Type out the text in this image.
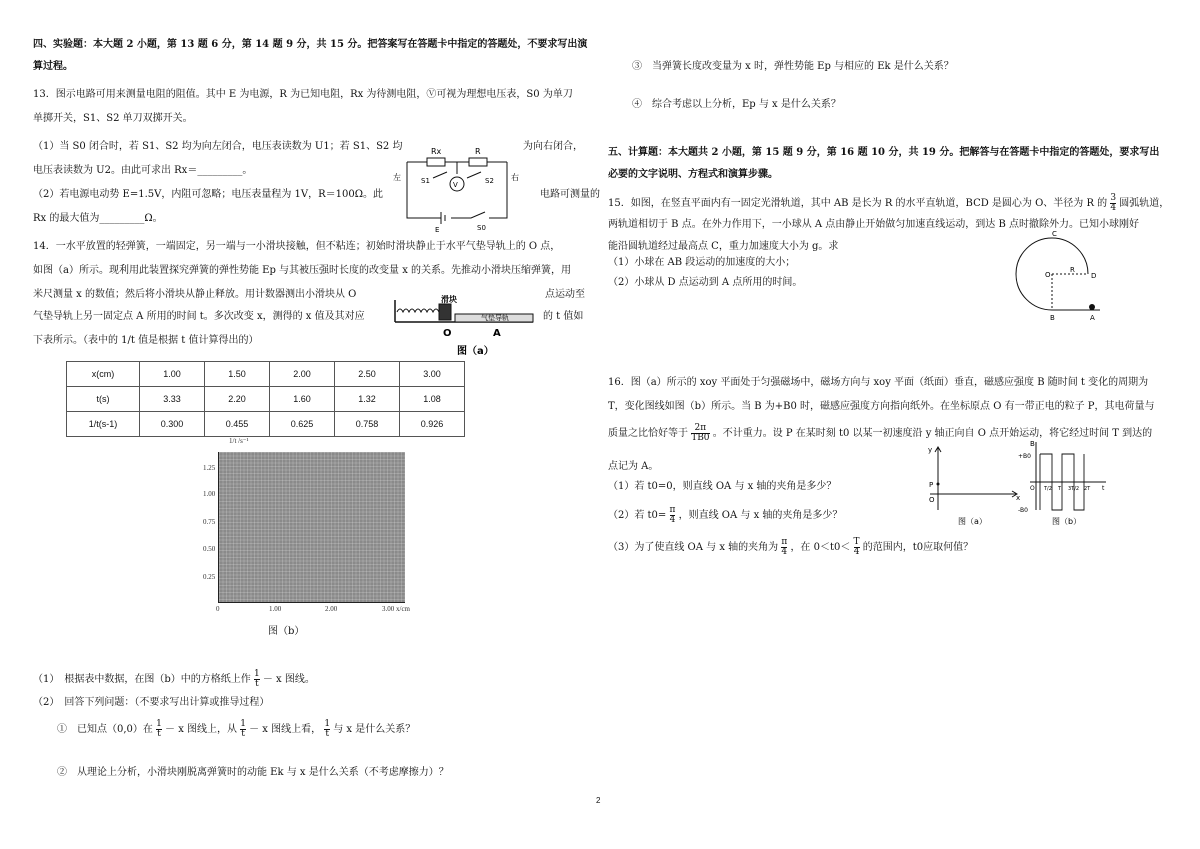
四、实验题：本大题 2 小题，第 13 题 6 分，第 14 题 9 分，共 15 分。把答案写在答题卡中指定的答题处，不要求写出演
算过程。
13．图示电路可用来测量电阻的阻值。其中 E 为电源，R 为已知电阻，Rx 为待测电阻，Ⓥ可视为理想电压表，S0 为单刀
单掷开关，S1、S2 单刀双掷开关。
（1）当 S0 闭合时，若 S1、S2 均为向左闭合，电压表读数为 U1；若 S1、S2 均	为向右闭合，
电压表读数为 U2。由此可求出 Rx＝_________。
（2）若电源电动势 E=1.5V，内阻可忽略；电压表量程为 1V，R＝100Ω。此	电路可测量的
Rx 的最大值为_________Ω。
Rx	R
V
S1	S2
左	右
E	S0
14．一水平放置的轻弹簧，一端固定，另一端与一小滑块接触，但不粘连；初始时滑块静止于水平气垫导轨上的 O 点，
如图（a）所示。现利用此装置探究弹簧的弹性势能 Ep 与其被压强时长度的改变量 x 的关系。先推动小滑块压缩弹簧，用
米尺测量 x 的数值；然后将小滑块从静止释放。用计数器测出小滑块从 O	点运动至
气垫导轨上另一固定点 A 所用的时间 t。多次改变 x，测得的 x 值及其对应	的 t 值如
下表所示。（表中的 1/t 值是根据 t 值计算得出的）
滑块
气垫导轨
O	A
图（a）
x(cm)	1.00	1.50	2.00	2.50	3.00
t(s)	3.33	2.20	1.60	1.32	1.08
1/t(s-1)	0.300	0.455	0.625	0.758	0.926
1/t /s⁻¹
1.25
1.00
0.75
0.50
0.25
0	1.00	2.00	3.00 x/cm
图（b）
（1）　根据表中数据，在图（b）中的方格纸上作 $\frac{1}{t} - x$ 图线。
（2）　回答下列问题：（不要求写出计算或推导过程）
①　已知点（0,0）在 $\frac{1}{t} - x$ 图线上，从 $\frac{1}{t} - x$ 图线上看， $\frac{1}{t}$ 与 x 是什么关系？
②　从理论上分析，小滑块刚脱离弹簧时的动能 Ek 与 x 是什么关系（不考虑摩擦力）？
③　当弹簧长度改变量为 x 时，弹性势能 Ep 与相应的 Ek 是什么关系？
④　综合考虑以上分析，Ep 与 x 是什么关系？
五、计算题：本大题共 2 小题，第 15 题 9 分，第 16 题 10 分，共 19 分。把解答与在答题卡中指定的答题处，要求写出
必要的文字说明、方程式和演算步骤。
15．如图，在竖直平面内有一固定光滑轨道，其中 AB 是长为 R 的水平直轨道，BCD 是圆心为 O、半径为 R 的 $\frac{3}{4}$ 圆弧轨道，
两轨道相切于 B 点。在外力作用下，一小球从 A 点由静止开始做匀加速直线运动，到达 B 点时撤除外力。已知小球刚好
能沿圆轨道经过最高点 C，重力加速度大小为 g。求
（1）小球在 AB 段运动的加速度的大小；
（2）小球从 D 点运动到 A 点所用的时间。
C
O
R
D
B	A
16．图（a）所示的 xoy 平面处于匀强磁场中，磁场方向与 xoy 平面（纸面）垂直，磁感应强度 B 随时间 t 变化的周期为
T，变化图线如图（b）所示。当 B 为+B0 时，磁感应强度方向指向纸外。在坐标原点 O 有一带正电的粒子 P，其电荷量与
质量之比恰好等于 $\frac{2\pi}{TB0}$ 。不计重力。设 P 在某时刻 t0 以某一初速度沿 y 轴正向自 O 点开始运动，将它经过时间 T 到达的
点记为 A。
（1）若 t0=0，则直线 OA 与 x 轴的夹角是多少？
（2）若 $t0= \frac{\pi}{4}$ ，则直线 OA 与 x 轴的夹角是多少？
（3）为了使直线 OA 与 x 轴的夹角为 $\frac{\pi}{4}$ ，在 $0<t0< \frac{T}{4}$ 的范围内，t0应取何值？
y
P
O	x
图（a）
B
+B0
-B0
O	t
T/2 T 3T/2 2T
图（b）
2
